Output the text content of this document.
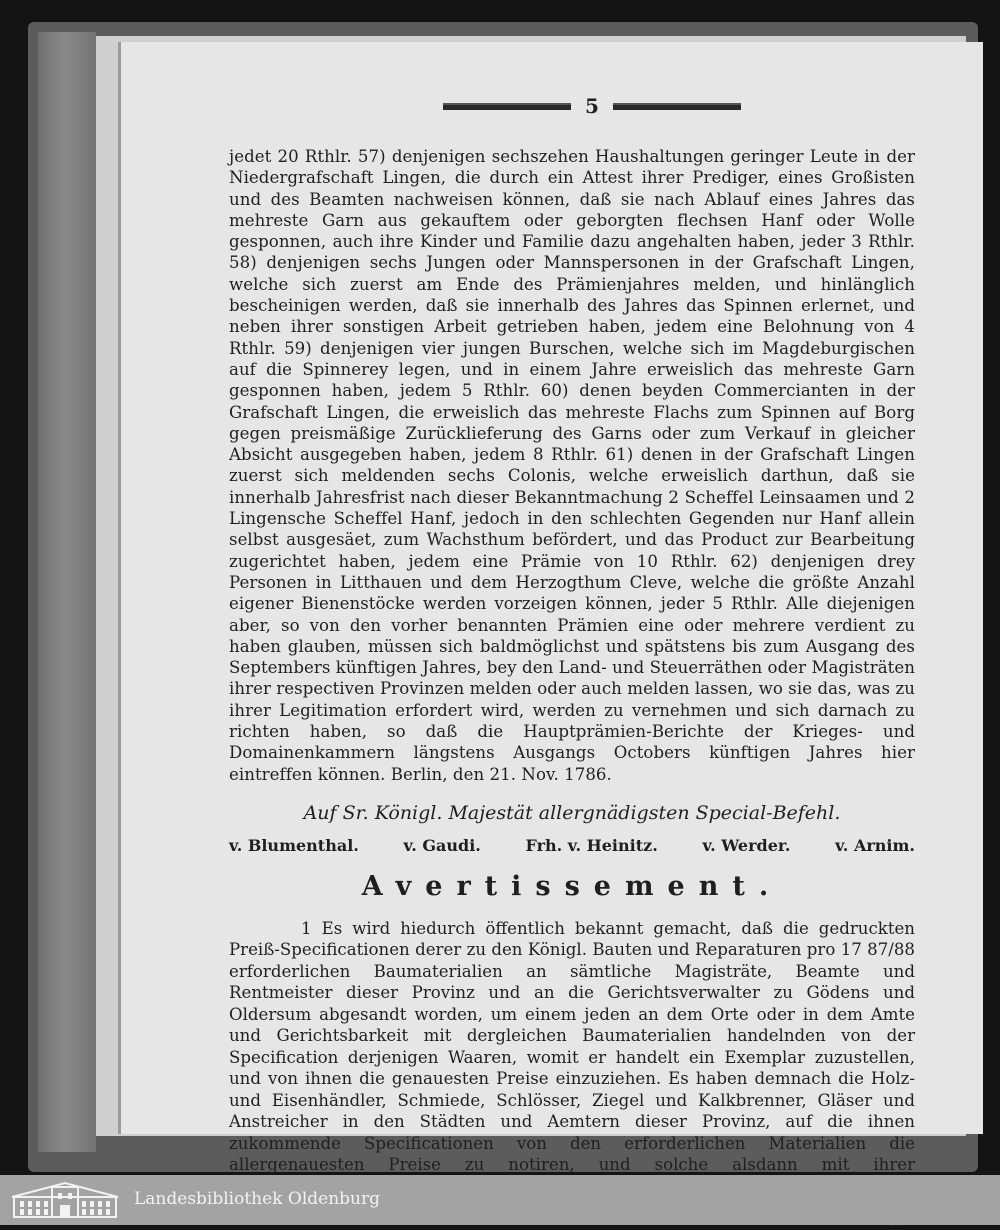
5

jedet 20 Rthlr. 57) denjenigen sechszehen Haushaltungen geringer Leute in der Niedergrafschaft Lingen, die durch ein Attest ihrer Prediger, eines Großisten und des Beamten nachweisen können, daß sie nach Ablauf eines Jahres das mehreste Garn aus gekauftem oder geborgten flechsen Hanf oder Wolle gesponnen, auch ihre Kinder und Familie dazu angehalten haben, jeder 3 Rthlr. 58) denjenigen sechs Jungen oder Mannspersonen in der Grafschaft Lingen, welche sich zuerst am Ende des Prämienjahres melden, und hinlänglich bescheinigen werden, daß sie innerhalb des Jahres das Spinnen erlernet, und neben ihrer sonstigen Arbeit getrieben haben, jedem eine Belohnung von 4 Rthlr. 59) denjenigen vier jungen Burschen, welche sich im Magdeburgischen auf die Spinnerey legen, und in einem Jahre erweislich das mehreste Garn gesponnen haben, jedem 5 Rthlr. 60) denen beyden Commercianten in der Grafschaft Lingen, die erweislich das mehreste Flachs zum Spinnen auf Borg gegen preismäßige Zurücklieferung des Garns oder zum Verkauf in gleicher Absicht ausgegeben haben, jedem 8 Rthlr. 61) denen in der Grafschaft Lingen zuerst sich meldenden sechs Colonis, welche erweislich darthun, daß sie innerhalb Jahresfrist nach dieser Bekanntmachung 2 Scheffel Leinsaamen und 2 Lingensche Scheffel Hanf, jedoch in den schlechten Gegenden nur Hanf allein selbst ausgesäet, zum Wachsthum befördert, und das Product zur Bearbeitung zugerichtet haben, jedem eine Prämie von 10 Rthlr. 62) denjenigen drey Personen in Litthauen und dem Herzogthum Cleve, welche die größte Anzahl eigener Bienenstöcke werden vorzeigen können, jeder 5 Rthlr. Alle diejenigen aber, so von den vorher benannten Prämien eine oder mehrere verdient zu haben glauben, müssen sich baldmöglichst und spätstens bis zum Ausgang des Septembers künftigen Jahres, bey den Land- und Steuerräthen oder Magisträten ihrer respectiven Provinzen melden oder auch melden lassen, wo sie das, was zu ihrer Legitimation erfordert wird, werden zu vernehmen und sich darnach zu richten haben, so daß die Hauptprämien-Berichte der Krieges- und Domainenkammern längstens Ausgangs Octobers künftigen Jahres hier eintreffen können. Berlin, den 21. Nov. 1786.

Auf Sr. Königl. Majestät allergnädigsten Special-Befehl.
v. Blumenthal.	v. Gaudi.	Frh. v. Heinitz.	v. Werder.	v. Arnim.
Avertissement.

1 Es wird hiedurch öffentlich bekannt gemacht, daß die gedruckten Preiß-Specificationen derer zu den Königl. Bauten und Reparaturen pro 17 87/88 erforderlichen Baumaterialien an sämtliche Magisträte, Beamte und Rentmeister dieser Provinz und an die Gerichtsverwalter zu Gödens und Oldersum abgesandt worden, um einem jeden an dem Orte oder in dem Amte und Gerichtsbarkeit mit dergleichen Baumaterialien handelnden von der Specification derjenigen Waaren, womit er handelt ein Exemplar zuzustellen, und von ihnen die genauesten Preise einzuziehen. Es haben demnach die Holz- und Eisenhändler, Schmiede, Schlösser, Ziegel und Kalkbrenner, Gläser und Anstreicher in den Städten und Aemtern dieser Provinz, auf die ihnen zukommende Specificationen von den erforderlichen Materialien die allergenauesten Preise zu notiren, und solche alsdann mit ihrer

Landesbibliothek Oldenburg
